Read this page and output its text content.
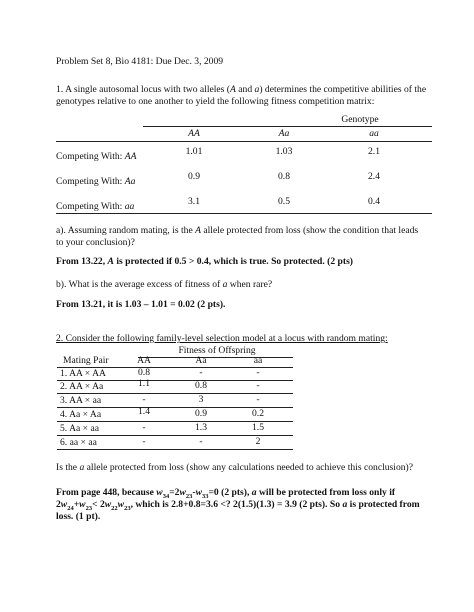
Problem Set 8, Bio 4181: Due Dec. 3, 2009
1. A single autosomal locus with two alleles (A and a) determines the competitive abilities of the
genotypes relative to one another to yield the following fitness competition matrix:
Genotype
AA	Aa	aa
Competing With: AA	1.01	1.03	2.1
Competing With: Aa	0.9	0.8	2.4
Competing With: aa	3.1	0.5	0.4
a). Assuming random mating, is the A allele protected from loss (show the condition that leads
to your conclusion)?
From 13.22, A is protected if 0.5 > 0.4, which is true. So protected. (2 pts)
b). What is the average excess of fitness of a when rare?
From 13.21, it is 1.03 – 1.01 = 0.02 (2 pts).
2. Consider the following family-level selection model at a locus with random mating:
Fitness of Offspring
Mating Pair	AA	Aa	aa
1. AA × AA	0.8	-	-
2. AA × Aa	1.1	0.8	-
3. AA × aa	-	3	-
4. Aa × Aa	1.4	0.9	0.2
5. Aa × aa	-	1.3	1.5
6. aa × aa	-	-	2
Is the a allele protected from loss (show any calculations needed to achieve this conclusion)?
From page 448, because $w_{34}=2w_{23}-w_{33}=0$ (2 pts), a will be protected from loss only if
$2w_{24}+w_{23}< 2w_{22}w_{23}$, which is 2.8+0.8=3.6 <? 2(1.5)(1.3) = 3.9 (2 pts). So a is protected from
loss. (1 pt).
